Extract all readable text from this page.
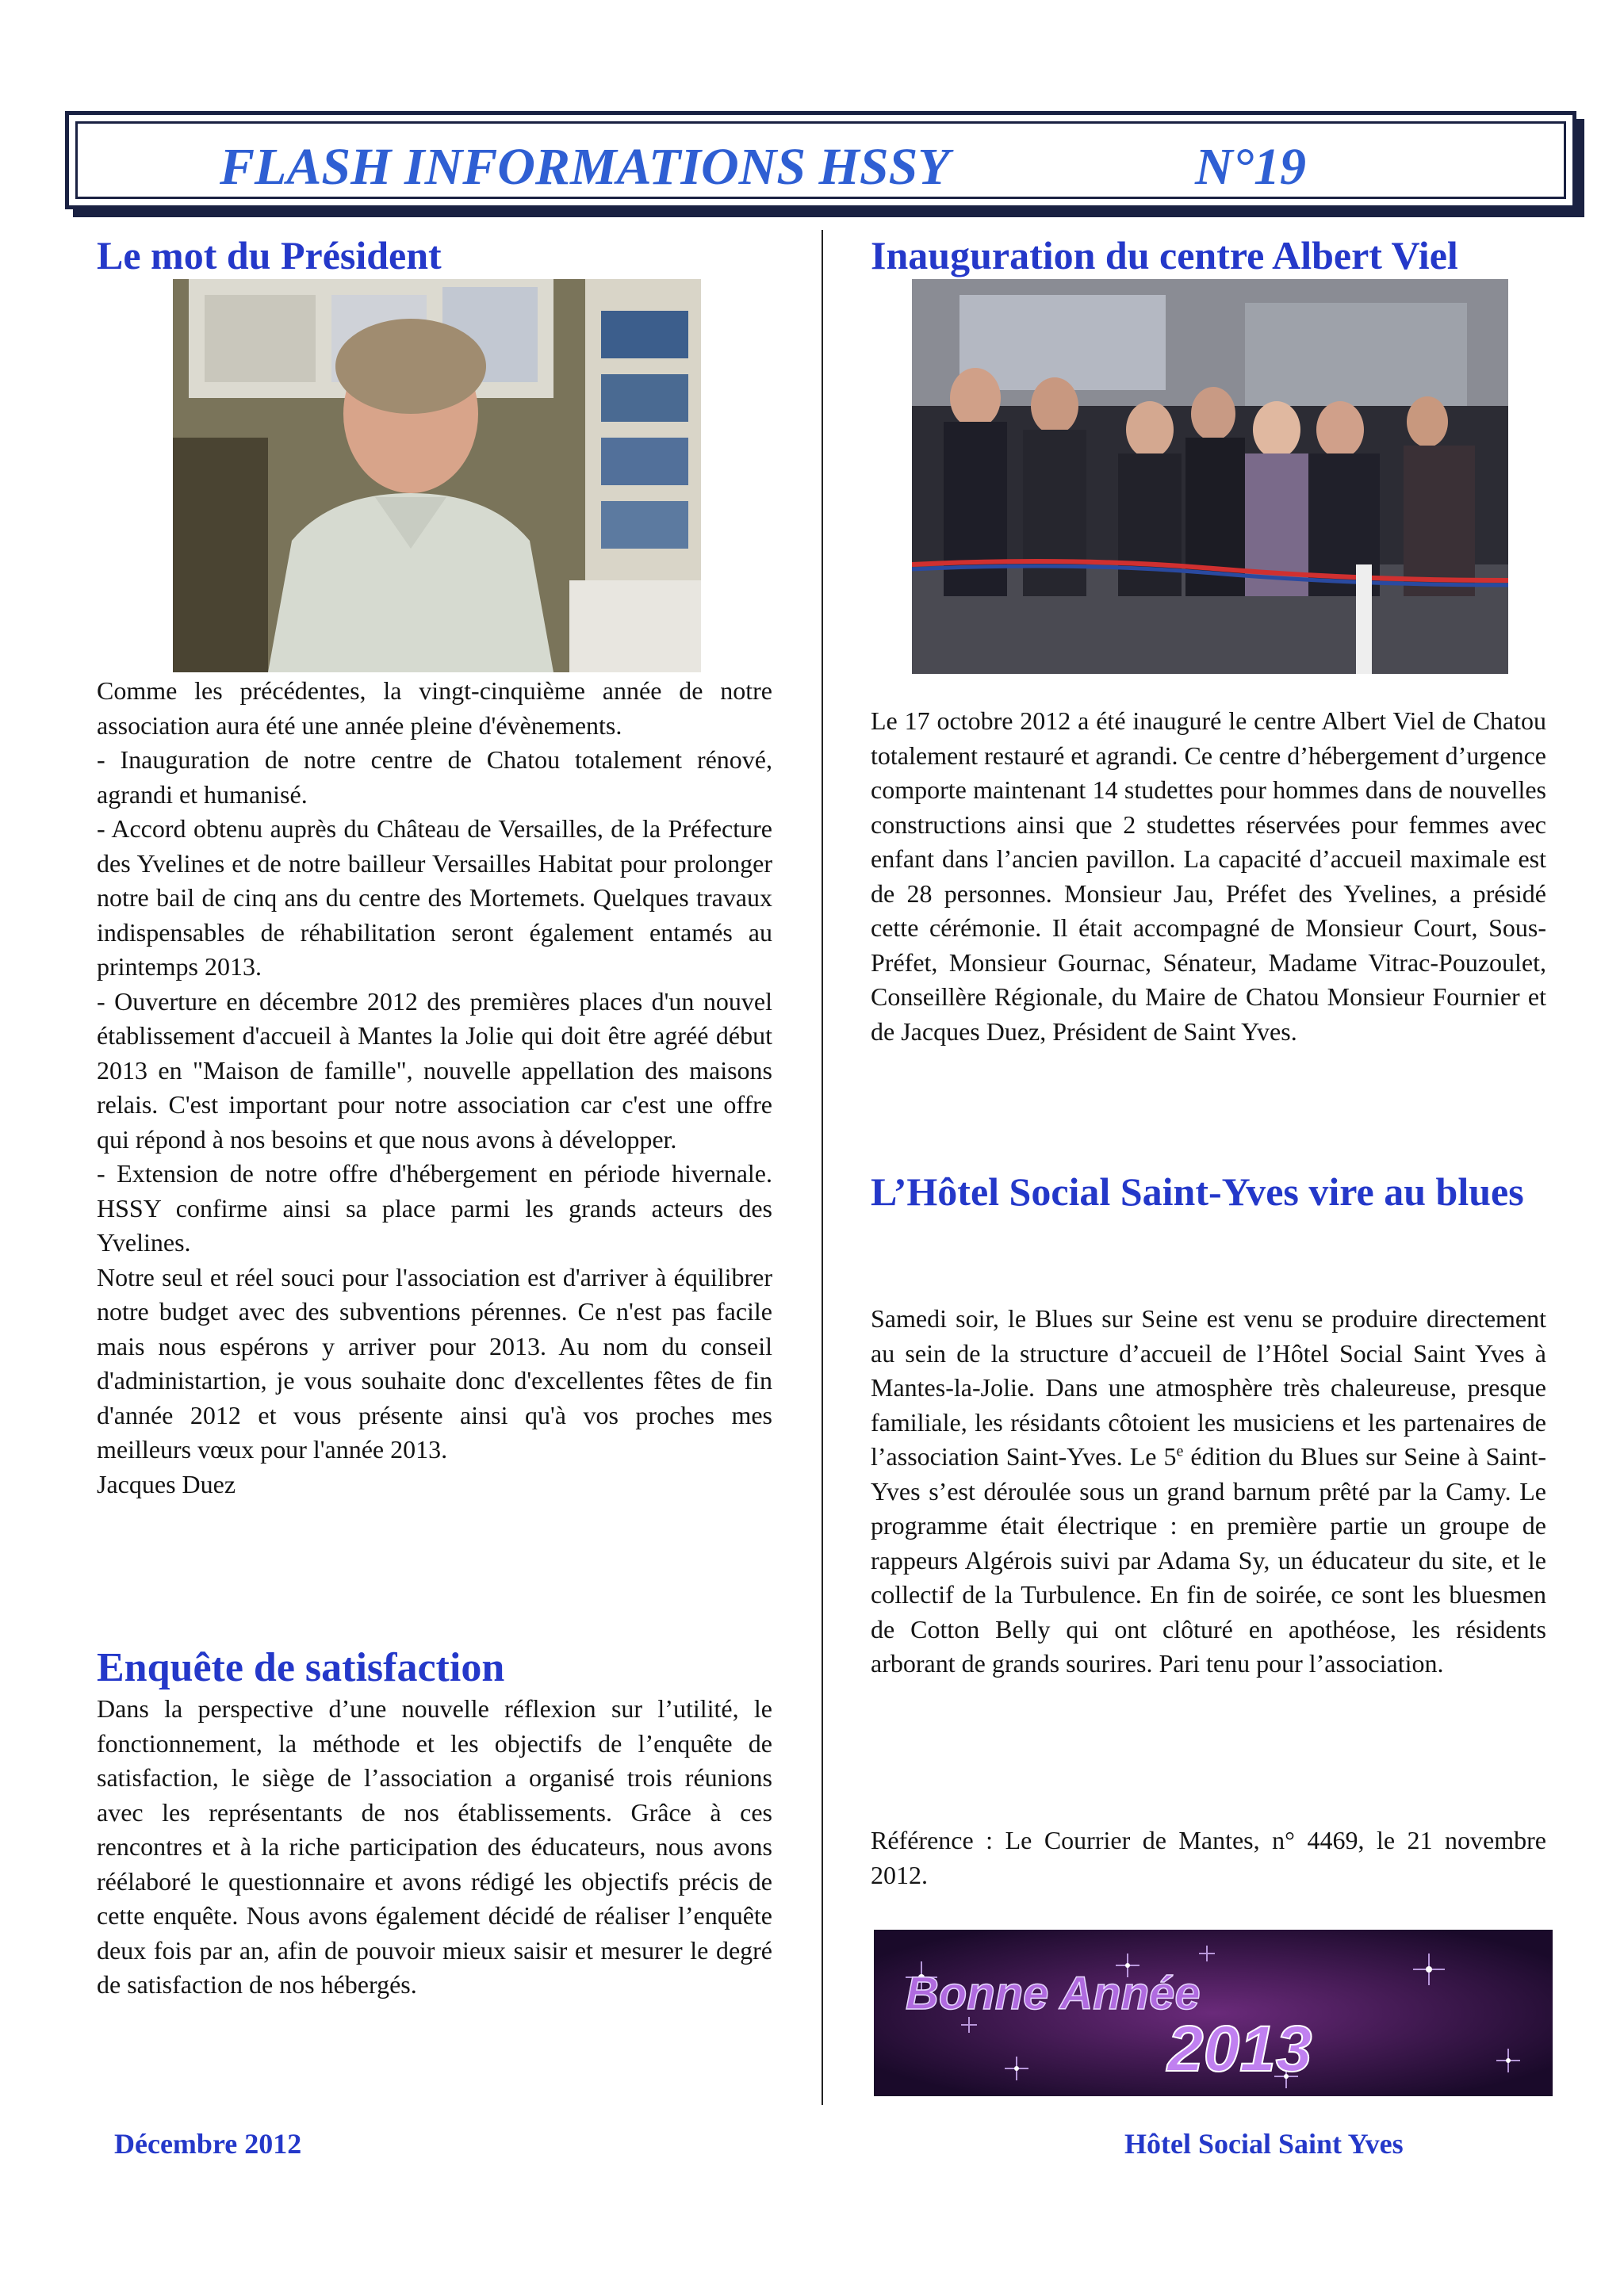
FLASH INFORMATIONS HSSY	N°19
Le mot du Président
Comme les précédentes, la vingt-cinquième année de notre association aura été une année pleine d'évènements.
- Inauguration de notre centre de Chatou totalement rénové, agrandi et humanisé.
- Accord obtenu auprès du Château de Versailles, de la Préfecture des Yvelines et de notre bailleur Versailles Habitat pour prolonger notre bail de cinq ans du centre des Mortemets. Quelques travaux indispensables de réhabilitation seront également entamés au printemps 2013.
- Ouverture en décembre 2012 des premières places d'un nouvel établissement d'accueil à Mantes la Jolie qui doit être agréé début 2013 en "Maison de famille", nouvelle appellation des maisons relais. C'est important pour notre association car c'est une offre qui répond à nos besoins et que nous avons à développer.
- Extension de notre offre d'hébergement en période hivernale. HSSY confirme ainsi sa place parmi les grands acteurs des Yvelines.
Notre seul et réel souci pour l'association est d'arriver à équilibrer notre budget avec des subventions pérennes. Ce n'est pas facile mais nous espérons y arriver pour 2013. Au nom du conseil d'administartion, je vous souhaite donc d'excellentes fêtes de fin d'année 2012 et vous présente ainsi qu'à vos proches mes meilleurs vœux pour l'année 2013.
Jacques Duez
Enquête de satisfaction

Dans la perspective d’une nouvelle réflexion sur l’utilité, le fonctionnement, la méthode et les objectifs de l’enquête de satisfaction, le siège de l’association a organisé trois réunions avec les représentants de nos établissements. Grâce à ces rencontres et à la riche participation des éducateurs, nous avons réélaboré le questionnaire et avons rédigé les objectifs précis de cette enquête. Nous avons également décidé de réaliser l’enquête deux fois par an, afin de pouvoir mieux saisir et mesurer le degré de satisfaction de nos hébergés.

Inauguration du centre Albert Viel

Le 17 octobre 2012 a été inauguré le centre Albert Viel de Chatou totalement restauré et agrandi. Ce centre d’hébergement d’urgence comporte maintenant 14 studettes pour hommes dans de nouvelles constructions ainsi que 2 studettes réservées pour femmes avec enfant dans l’ancien pavillon. La capacité d’accueil maximale est de 28 personnes. Monsieur Jau, Préfet des Yvelines, a présidé cette cérémonie. Il était accompagné de Monsieur Court, Sous-Préfet, Monsieur Gournac, Sénateur, Madame Vitrac-Pouzoulet, Conseillère Régionale, du Maire de Chatou Monsieur Fournier et de Jacques Duez, Président de Saint Yves.

L’Hôtel Social Saint-Yves vire au blues

Samedi soir, le Blues sur Seine est venu se produire directement au sein de la structure d’accueil de l’Hôtel Social Saint Yves à Mantes-la-Jolie. Dans une atmosphère très chaleureuse, presque familiale, les résidants côtoient les musiciens et les partenaires de l’association Saint-Yves. Le 5e édition du Blues sur Seine à Saint-Yves s’est déroulée sous un grand barnum prêté par la Camy. Le programme était électrique : en première partie un groupe de rappeurs Algérois suivi par Adama Sy, un éducateur du site, et le collectif de la Turbulence. En fin de soirée, ce sont les bluesmen de Cotton Belly qui ont clôturé en apothéose, les résidents arborant de grands sourires. Pari tenu pour l’association.

Référence : Le Courrier de Mantes, n° 4469, le 21 novembre 2012.

Bonne Année
2013

Décembre 2012	Hôtel Social Saint Yves
